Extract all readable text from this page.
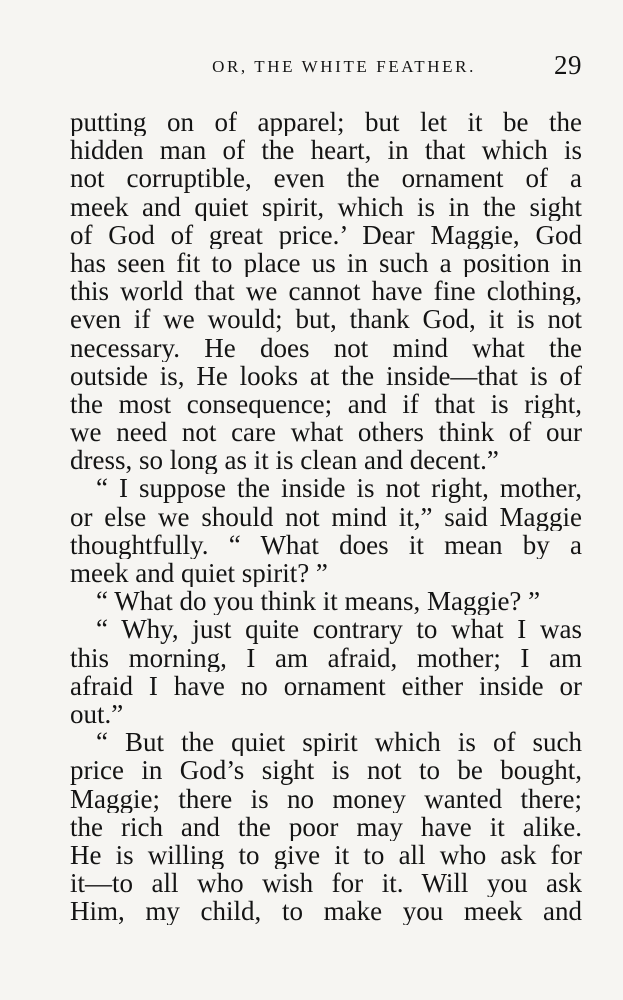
OR, THE WHITE FEATHER.	29
putting on of apparel; but let it be the
hidden man of the heart, in that which is
not corruptible, even the ornament of a
meek and quiet spirit, which is in the sight
of God of great price.’ Dear Maggie, God
has seen fit to place us in such a position in
this world that we cannot have fine clothing,
even if we would; but, thank God, it is not
necessary. He does not mind what the
outside is, He looks at the inside—that is of
the most consequence; and if that is right,
we need not care what others think of our
dress, so long as it is clean and decent.”
“ I suppose the inside is not right, mother,
or else we should not mind it,” said Maggie
thoughtfully. “ What does it mean by a
meek and quiet spirit? ”
“ What do you think it means, Maggie? ”
“ Why, just quite contrary to what I was
this morning, I am afraid, mother; I am
afraid I have no ornament either inside or
out.”
“ But the quiet spirit which is of such
price in God’s sight is not to be bought,
Maggie; there is no money wanted there;
the rich and the poor may have it alike.
He is willing to give it to all who ask for
it—to all who wish for it. Will you ask
Him, my child, to make you meek and
